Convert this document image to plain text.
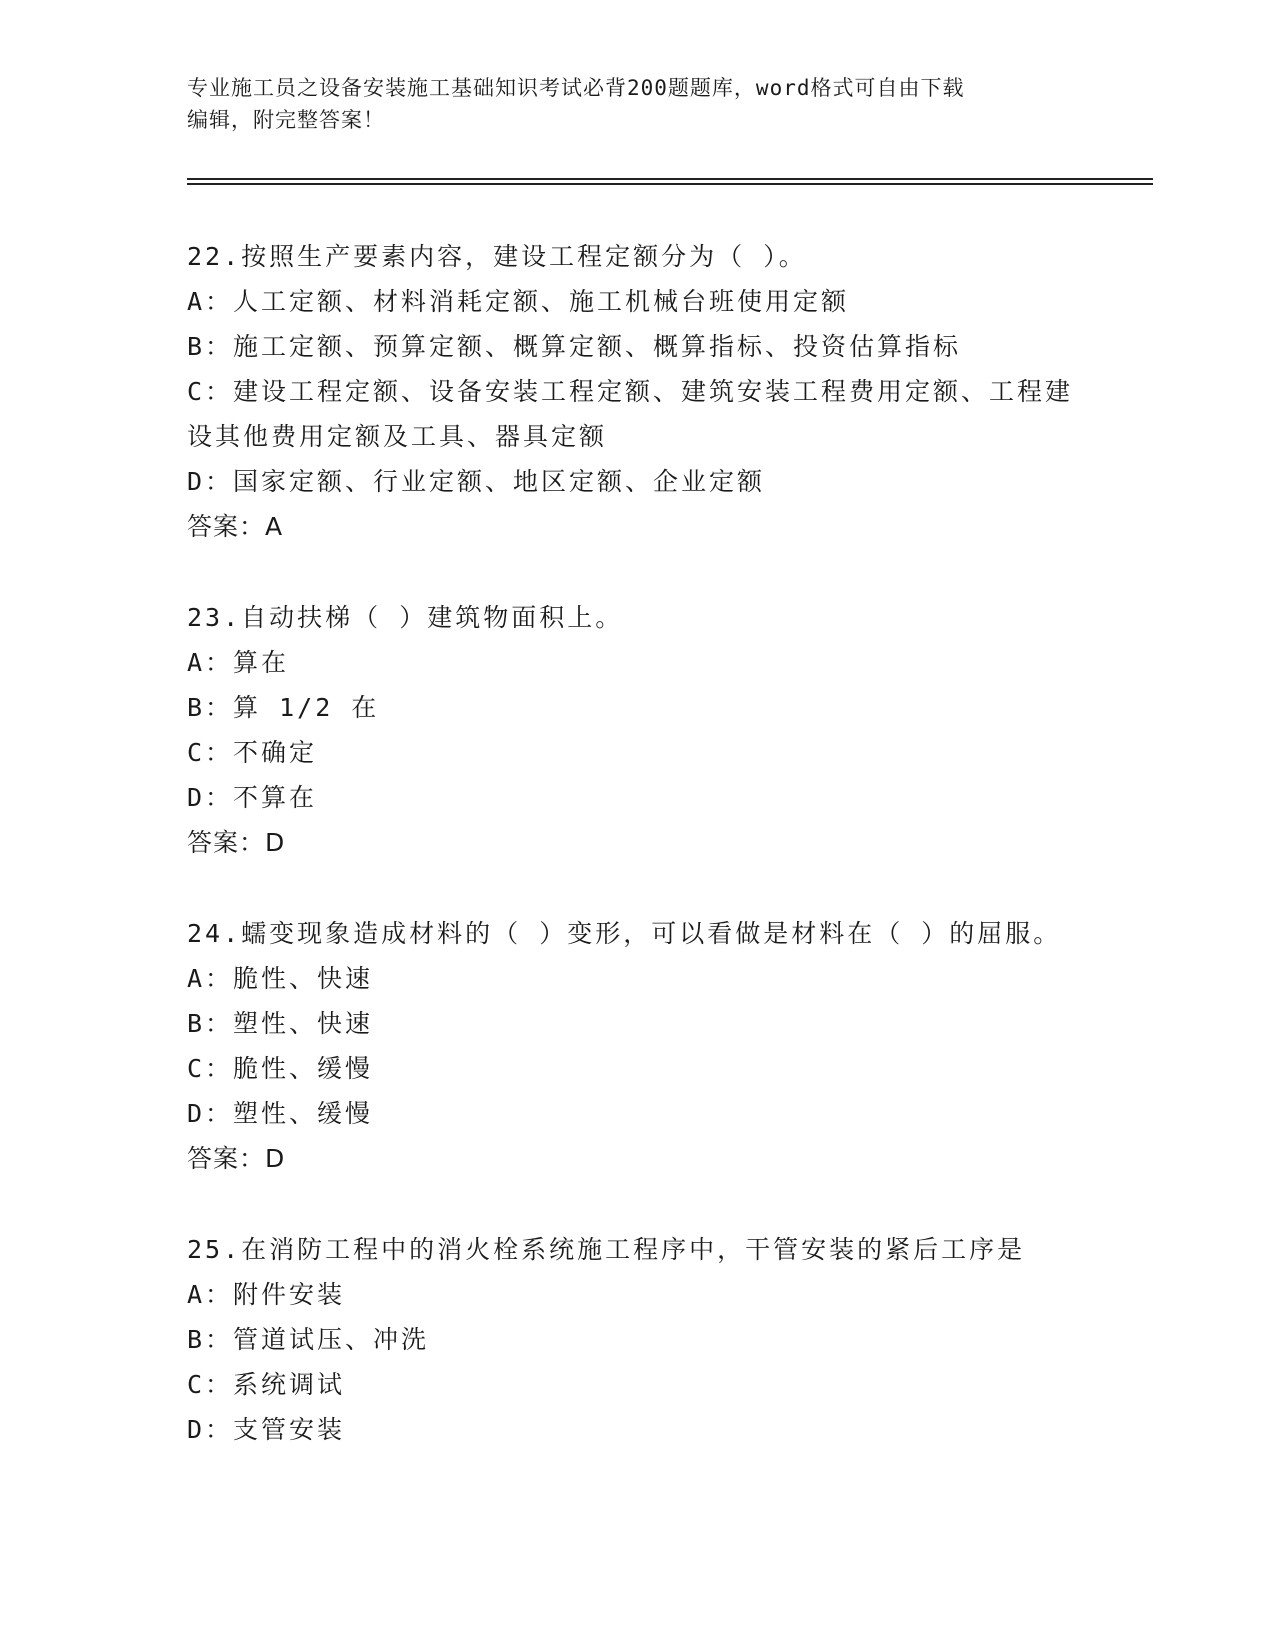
专业施工员之设备安装施工基础知识考试必背200题题库，word格式可自由下载
编辑，附完整答案！
22.按照生产要素内容，建设工程定额分为（ ）。
A：人工定额、材料消耗定额、施工机械台班使用定额
B：施工定额、预算定额、概算定额、概算指标、投资估算指标
C：建设工程定额、设备安装工程定额、建筑安装工程费用定额、工程建设其他费用定额及工具、器具定额
D：国家定额、行业定额、地区定额、企业定额
答案：A
23.自动扶梯（ ）建筑物面积上。
A：算在
B：算 1/2 在
C：不确定
D：不算在
答案：D
24.蠕变现象造成材料的（ ）变形，可以看做是材料在（ ）的屈服。
A：脆性、快速
B：塑性、快速
C：脆性、缓慢
D：塑性、缓慢
答案：D
25.在消防工程中的消火栓系统施工程序中，干管安装的紧后工序是
A：附件安装
B：管道试压、冲洗
C：系统调试
D：支管安装
